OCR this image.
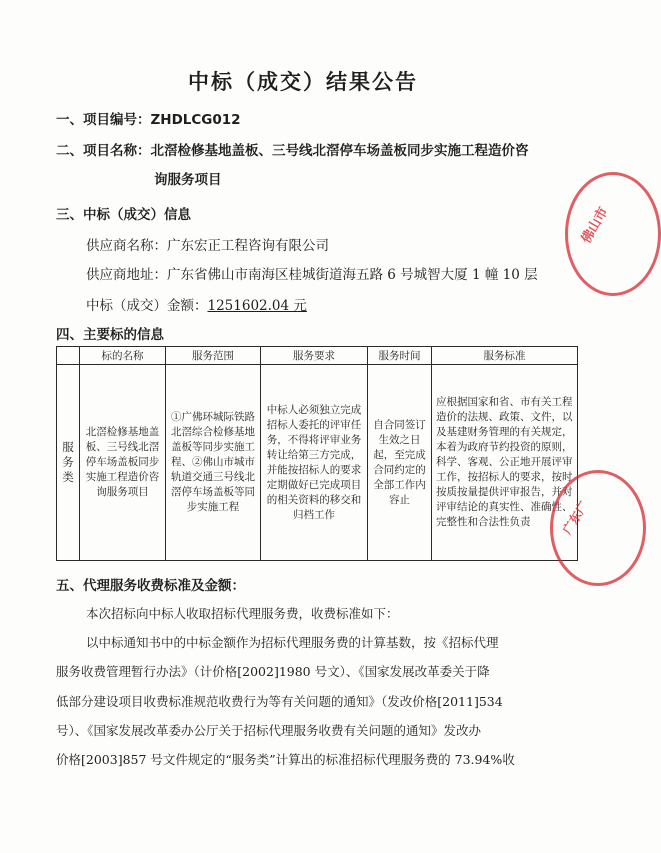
中标（成交）结果公告
一、项目编号：ZHDLCG012
二、项目名称：北滘检修基地盖板、三号线北滘停车场盖板同步实施工程造价咨
询服务项目
三、中标（成交）信息
供应商名称：广东宏正工程咨询有限公司
供应商地址：广东省佛山市南海区桂城街道海五路 6 号城智大厦 1 幢 10 层
中标（成交）金额：1251602.04 元
四、主要标的信息
	标的名称	服务范围	服务要求	服务时间	服务标准
服务类	北滘检修基地盖板、三号线北滘停车场盖板同步实施工程造价咨询服务项目	①广佛环城际铁路北滘综合检修基地盖板等同步实施工程、②佛山市城市轨道交通三号线北滘停车场盖板等同步实施工程	中标人必须独立完成招标人委托的评审任务，不得将评审业务转让给第三方完成，并能按招标人的要求定期做好已完成项目的相关资料的移交和归档工作	自合同签订生效之日起，至完成合同约定的全部工作内容止	应根据国家和省、市有关工程造价的法规、政策、文件，以及基建财务管理的有关规定，本着为政府节约投资的原则，科学、客观、公正地开展评审工作，按招标人的要求，按时按质按量提供评审报告，并对评审结论的真实性、准确性、完整性和合法性负责
五、代理服务收费标准及金额：
本次招标向中标人收取招标代理服务费，收费标准如下：
以中标通知书中的中标金额作为招标代理服务费的计算基数，按《招标代理
服务收费管理暂行办法》（计价格[2002]1980 号文）、《国家发展改革委关于降
低部分建设项目收费标准规范收费行为等有关问题的通知》（发改价格[2011]534
号）、《国家发展改革委办公厅关于招标代理服务收费有关问题的通知》发改办
价格[2003]857 号文件规定的“服务类”计算出的标准招标代理服务费的 73.94%收
佛山市
广东广
